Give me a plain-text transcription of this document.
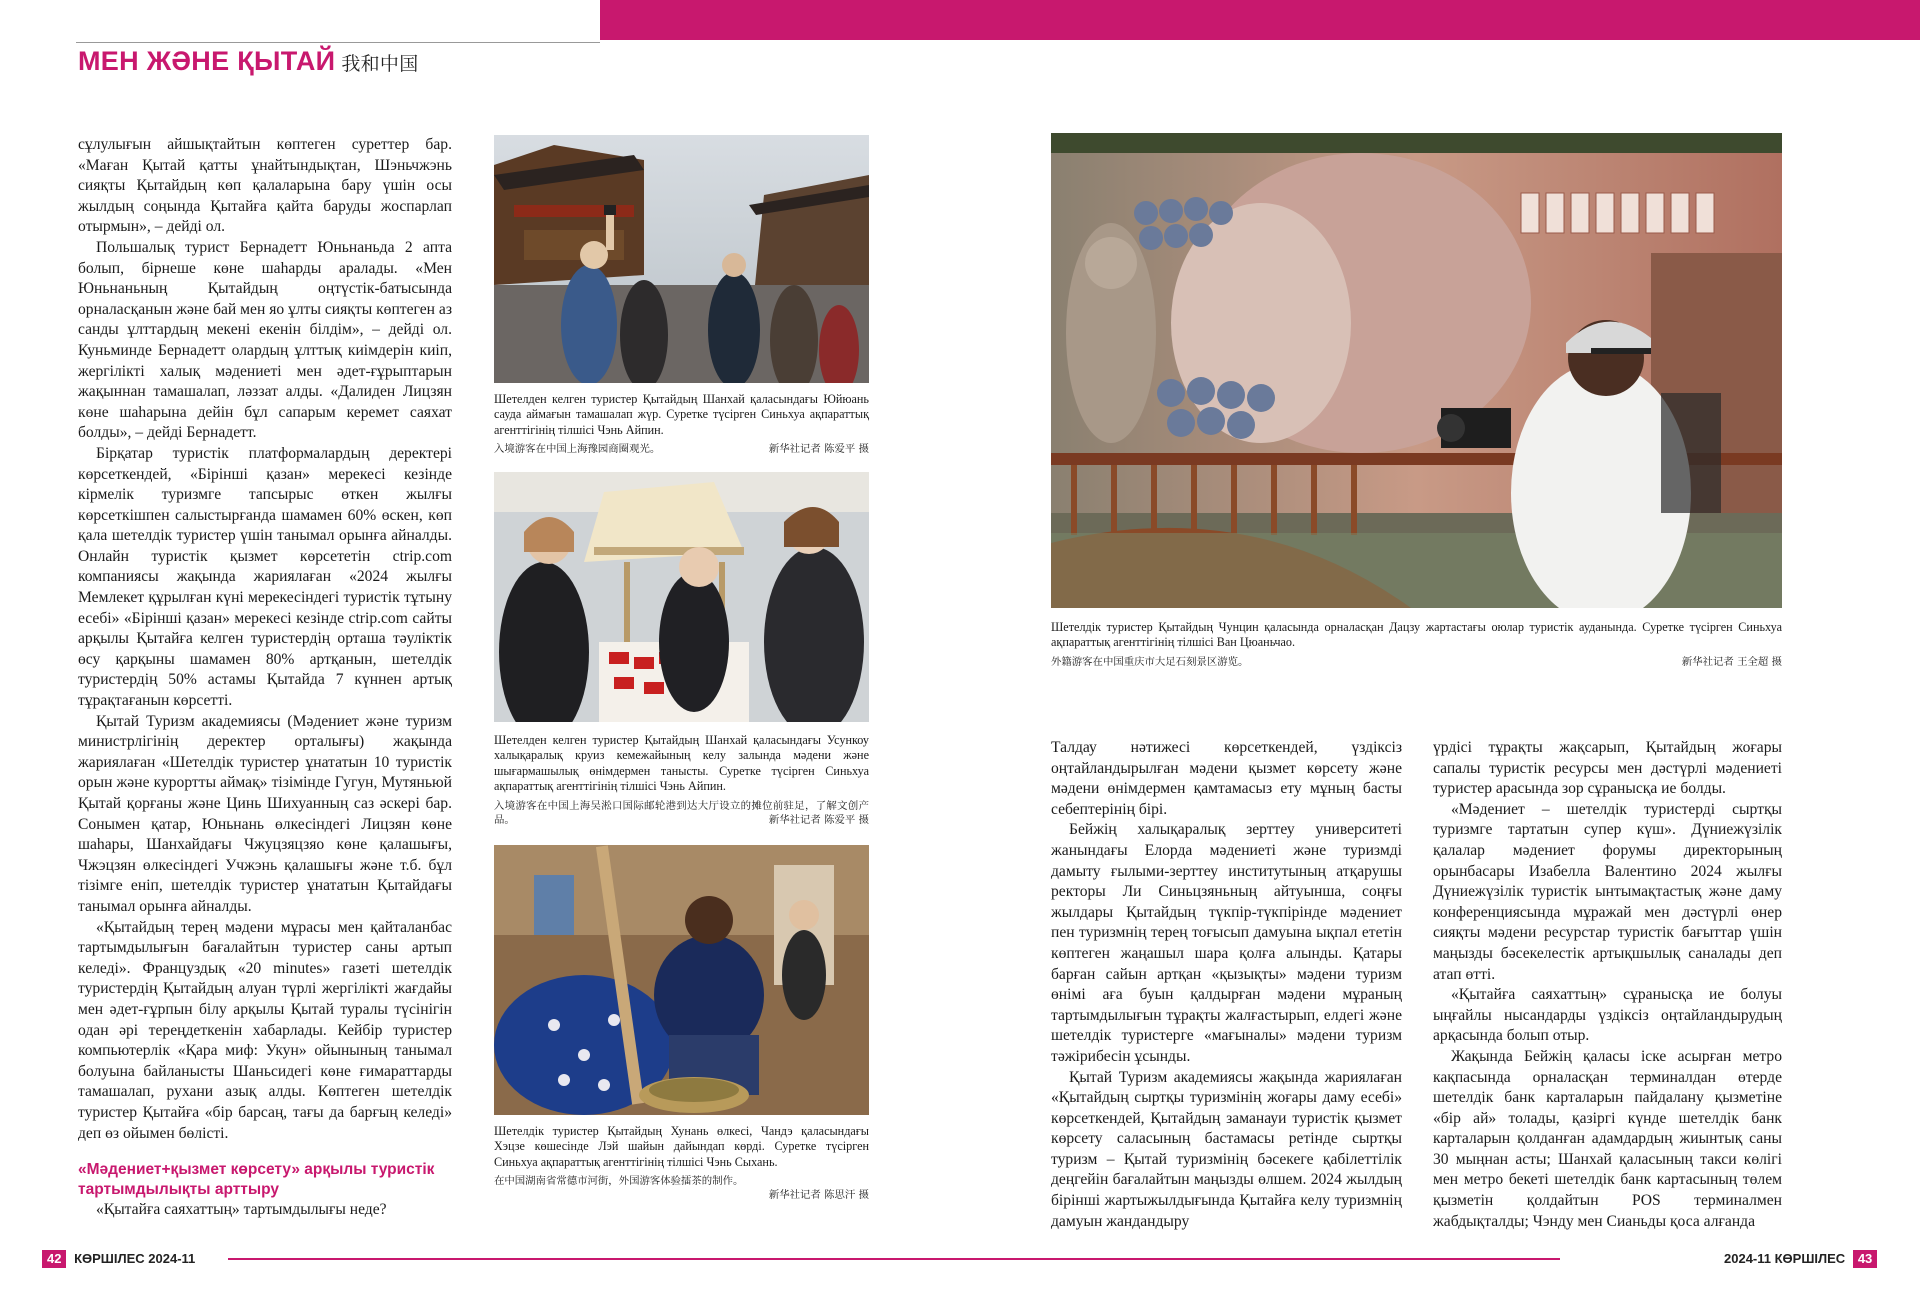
МЕН ЖӘНЕ ҚЫТАЙ 我和中国

сұлулығын айшықтайтын көптеген суреттер бар. «Маған Қытай қатты ұнайтындықтан, Шэньчжэнь сияқты Қытайдың көп қалаларына бару үшін осы жылдың соңында Қытайға қайта баруды жоспарлап отырмын», – дейді ол.

Польшалық турист Бернадетт Юньнаньда 2 апта болып, бірнеше көне шаһарды аралады. «Мен Юньнаньның Қытайдың оңтүстік-батысында орналасқанын және бай мен яо ұлты сияқты көптеген аз санды ұлттардың мекені екенін білдім», – дейді ол. Куньминде Бернадетт олардың ұлттық киімдерін киіп, жергілікті халық мәдениеті мен әдет-ғұрыптарын жақыннан тамашалап, ләззат алды. «Далиден Лицзян көне шаһарына дейін бұл сапарым керемет саяхат болды», – дейді Бернадетт.

Бірқатар туристік платформалардың деректері көрсеткендей, «Бірінші қазан» мерекесі кезінде кірмелік туризмге тапсырыс өткен жылғы көрсеткішпен салыстырғанда шамамен 60% өскен, көп қала шетелдік туристер үшін танымал орынға айналды. Онлайн туристік қызмет көрсететін ctrip.com компаниясы жақында жариялаған «2024 жылғы Мемлекет құрылған күні мерекесіндегі туристік тұтыну есебі» «Бірінші қазан» мерекесі кезінде ctrip.com сайты арқылы Қытайға келген туристердің орташа тәуліктік өсу қарқыны шамамен 80% артқанын, шетелдік туристердің 50% астамы Қытайда 7 күннен артық тұрақтағанын көрсетті.

Қытай Туризм академиясы (Мәдениет және туризм министрлігінің деректер орталығы) жақында жариялаған «Шетелдік туристер ұнататын 10 туристік орын және курортты аймақ» тізімінде Гугун, Мутяньюй Қытай қорғаны және Цинь Шихуанның саз әскері бар. Сонымен қатар, Юньнань өлкесіндегі Лицзян көне шаһары, Шанхайдағы Чжуцзяцзяо көне қалашығы, Чжэцзян өлкесіндегі Учжэнь қалашығы және т.б. бұл тізімге еніп, шетелдік туристер ұнататын Қытайдағы танымал орынға айналды.

«Қытайдың терең мәдени мұрасы мен қайталанбас тартымдылығын бағалайтын туристер саны артып келеді». Француздық «20 minutes» газеті шетелдік туристердің Қытайдың алуан түрлі жергілікті жағдайы мен әдет-ғұрпын білу арқылы Қытай туралы түсінігін одан әрі тереңдеткенін хабарлады. Кейбір туристер компьютерлік «Қара миф: Укун» ойынының танымал болуына байланысты Шаньсидегі көне ғимараттарды тамашалап, рухани азық алды. Көптеген шетелдік туристер Қытайға «бір барсаң, тағы да барғың келеді» деп өз ойымен бөлісті.

«Мәдениет+қызмет көрсету» арқылы туристік тартымдылықты арттыру

«Қытайға саяхаттың» тартымдылығы неде?

Шетелден келген туристер Қытайдың Шанхай қаласындағы Юйюань сауда аймағын тамашалап жүр. Суретке түсірген Синьхуа ақпараттық агенттігінің тілшісі Чэнь Айпин.
入境游客在中国上海豫园商圈观光。	新华社记者 陈爱平 摄
Шетелден келген туристер Қытайдың Шанхай қаласындағы Усункоу халықаралық круиз кемежайының келу залында мәдени және шығармашылық өнімдермен танысты. Суретке түсірген Синьхуа ақпараттық агенттігінің тілшісі Чэнь Айпин.
入境游客在中国上海吴淞口国际邮轮港到达大厅设立的摊位前驻足，了解文创产品。	新华社记者 陈爱平 摄
Шетелдік туристер Қытайдың Хунань өлкесі, Чандэ қаласындағы Хэцзе көшесінде Лэй шайын дайындап көрді. Суретке түсірген Синьхуа ақпараттық агенттігінің тілшісі Чэнь Сыхань.
在中国湖南省常德市河街，外国游客体验擂茶的制作。
新华社记者 陈思汗 摄
Шетелдік туристер Қытайдың Чунцин қаласында орналасқан Дацзу жартастағы оюлар туристік ауданында. Суретке түсірген Синьхуа ақпараттық агенттігінің тілшісі Ван Цюаньчао.
外籍游客在中国重庆市大足石刻景区游览。	新华社记者 王全超 摄

Талдау нәтижесі көрсеткендей, үздіксіз оңтайландырылған мәдени қызмет көрсету және мәдени өнімдермен қамтамасыз ету мұның басты себептерінің бірі.

Бейжің халықаралық зерттеу университеті жанындағы Елорда мәдениеті және туризмді дамыту ғылыми-зерттеу институтының атқарушы ректоры Ли Синьцзяньның айтуынша, соңғы жылдары Қытайдың түкпір-түкпірінде мәдениет пен туризмнің терең тоғысып дамуына ықпал ететін көптеген жаңашыл шара қолға алынды. Қатары барған сайын артқан «қызықты» мәдени туризм өнімі аға буын қалдырған мәдени мұраның тартымдылығын тұрақты жалғастырып, елдегі және шетелдік туристерге «мағыналы» мәдени туризм тәжірибесін ұсынды.

Қытай Туризм академиясы жақында жариялаған «Қытайдың сыртқы туризмінің жоғары даму есебі» көрсеткендей, Қытайдың заманауи туристік қызмет көрсету саласының бастамасы ретінде сыртқы туризм – Қытай туризмінің бәсекеге қабілеттілік деңгейін бағалайтын маңызды өлшем. 2024 жылдың бірінші жартыжылдығында Қытайға келу туризмнің дамуын жандандыру

үрдісі тұрақты жақсарып, Қытайдың жоғары сапалы туристік ресурсы мен дәстүрлі мәдениеті туристер арасында зор сұранысқа ие болды.

«Мәдениет – шетелдік туристерді сыртқы туризмге тартатын супер күш». Дүниежүзілік қалалар мәдениет форумы директорының орынбасары Изабелла Валентино 2024 жылғы Дүниежүзілік туристік ынтымақтастық және даму конференциясында мұражай мен дәстүрлі өнер сияқты мәдени ресурстар туристік бағыттар үшін маңызды бәсекелестік артықшылық саналады деп атап өтті.

«Қытайға саяхаттың» сұранысқа ие болуы ыңғайлы нысандарды үздіксіз оңтайландырудың арқасында болып отыр.

Жақында Бейжің қаласы іске асырған метро кақпасында орналасқан терминалдан өтерде шетелдік банк карталарын пайдалану қызметіне «бір ай» толады, қазіргі күнде шетелдік банк карталарын қолданған адамдардың жиынтық саны 30 мыңнан асты; Шанхай қаласының такси көлігі мен метро бекеті шетелдік банк картасының төлем қызметін қолдайтын POS терминалмен жабдықталды; Чэнду мен Сианьды қоса алғанда

42 КӨРШІЛЕС 2024-11	2024-11 КӨРШІЛЕС 43
